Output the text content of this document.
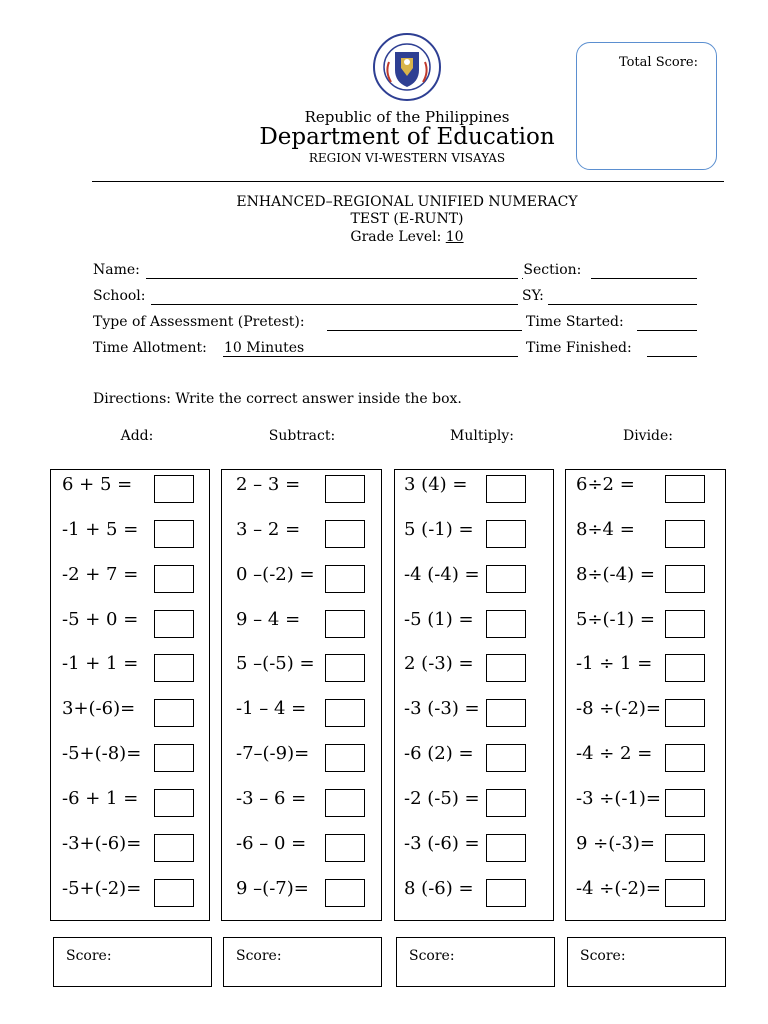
Republic of the Philippines
Department of Education
REGION VI-WESTERN VISAYAS
Total Score:
ENHANCED–REGIONAL UNIFIED NUMERACY
TEST (E-RUNT)
Grade Level: 10
Name:
 	Section:
School:	SY:
Type of Assessment (Pretest):	Time Started:
Time Allotment: 10 Minutes	Time Finished:
Directions: Write the correct answer inside the box.
Add:	Subtract:	Multiply:	Divide:
6 + 5 =
-1 + 5 =
-2 + 7 =
-5 + 0 =
-1 + 1 =
3+(-6)=
-5+(-8)=
-6 + 1 =
-3+(-6)=
-5+(-2)=
2 – 3 =
3 – 2 =
0 –(-2) =
9 – 4 =
5 –(-5) =
-1 – 4 =
-7–(-9)=
-3 – 6 =
-6 – 0 =
9 –(-7)=
3 (4) =
5 (-1) =
-4 (-4) =
-5 (1) =
2 (-3) =
-3 (-3) =
-6 (2) =
-2 (-5) =
-3 (-6) =
8 (-6) =
6÷2 =
8÷4 =
8÷(-4) =
5÷(-1) =
-1 ÷ 1 =
-8 ÷(-2)=
-4 ÷ 2 =
-3 ÷(-1)=
9 ÷(-3)=
-4 ÷(-2)=
Score:	Score:	Score:	Score:
